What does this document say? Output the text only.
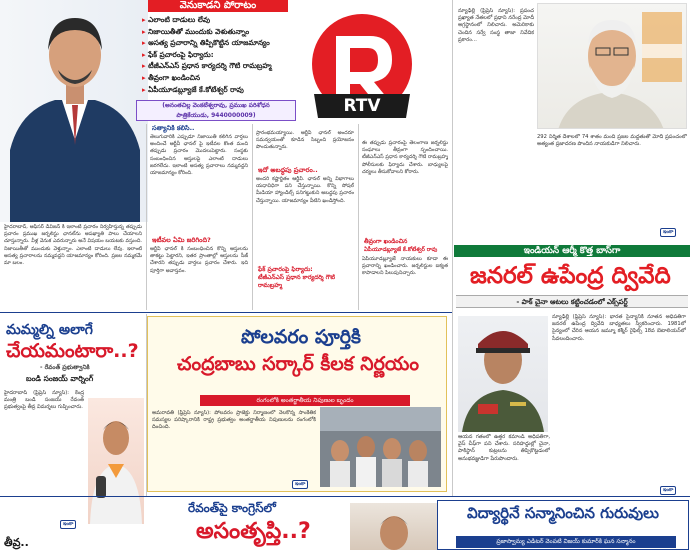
వెనుకాడని పోరాటం
▸ ఎలాంటి దాడులు లేవు
▸ నిజాయితీతో ముందుకు వెళుతున్నాం
▸ అసత్య ప్రచారాన్ని తిప్పికొట్టిన యాజమాన్యం
▸ ఫేక్ ప్రచారంపై ఫిర్యాదు:
▸ టీజీఎన్‌ఎస్ ప్రధాన కార్యదర్శి గౌటి రామబ్రహ్మ
▸ తీవ్రంగా ఖండించిన
▸ ఏపీయూడబ్ల్యూజే కే.కోటేశ్వర్ రావు
(అనంతచిల్ల వెంకటేశ్వరావు, ప్రముఖ పరిశోధన
పాత్రికేయుడు, 9440000009)	RTV
హైదరాబాద్, ఆఫీసర్ డివిజన్ కి ఇలాంటి ప్రచారం నిర్వహిస్తున్న తప్పుడు ప్రచారం ప్రముఖ జర్నలిస్టు ఛానల్‌ను అపఖ్యాతి పాలు చేయాలని చూస్తున్నారు. వీళ్ల వెనుక ఎవరున్నారు అనే విషయం బయటకు వస్తుంది. నిజాయితీతో ముందుకు వెళ్తున్నాం. ఎలాంటి దాడులు లేవు. ఇలాంటి అసత్య ప్రచారాలను నమ్మవద్దని యాజమాన్యం కోరింది. ప్రజల నమ్మకమే మా బలం.
సత్యానికి కలిసి..
తెలుగువారికి ఎప్పుడూ నిజాయితీ కలిగిన వార్తలు అందించే ఆర్టీవీ ఛానల్ పై ఇటీవల కొంత మంది తప్పుడు ప్రచారం మొదలుపెట్టారు. సంస్థకు సంబంధించిన ఆస్తులపై ఎలాంటి దాడులు జరగలేదు. ఇలాంటి అసత్య ప్రచారాలు నమ్మవద్దని యాజమాన్యం కోరింది.
ఇటీవల ఏమి జరిగింది?
ఆర్టీవీ ఛానల్ కి సంబంధించిన కొన్ని ఆస్తులను తాకట్టు పెట్టారని, ఇతర ప్రాంతాల్లో ఆస్తులను సీజ్ చేశారని తప్పుడు వార్తలు ప్రచారం చేశారు. ఇది పూర్తిగా అవాస్తవం.
ప్రారంభమయ్యాయి. ఆర్టీవీ ఛానల్ అందరూ సమన్వయంతో కూడిన సిబ్బంది ప్రయోజనం పొందుతున్నారు.
ఇదో అబద్ధపు ప్రచారం..
అందరి కష్టార్జితం ఆర్టీవీ. ఛానల్ అన్ని విభాగాలు యధావిధిగా పని చేస్తున్నాయి. కొన్ని సోషల్ మీడియా హ్యాండిల్స్ పనిగట్టుకుని అబద్ధపు ప్రచారం చేస్తున్నాయి. యాజమాన్యం వీటిని ఖండిస్తోంది.
ఫేక్ ప్రచారంపై ఫిర్యాదు:
టీజీఎన్‌ఎస్ ప్రధాన కార్యదర్శి గౌటి రామబ్రహ్మ
ఈ తప్పుడు ప్రచారంపై తెలంగాణ జర్నలిస్టు సంఘాలు తీవ్రంగా స్పందించాయి. టీజీఎన్‌ఎస్ ప్రధాన కార్యదర్శి గౌటి రామబ్రహ్మ పోలీసులకు ఫిర్యాదు చేశారు. బాధ్యులపై చర్యలు తీసుకోవాలని కోరారు.
తీవ్రంగా ఖండించిన
ఏపీయూడబ్ల్యూజే కే.కోటేశ్వర్ రావు
ఏపీయూడబ్ల్యూజే నాయకులు కూడా ఈ ప్రచారాన్ని ఖండించారు. జర్నలిస్టుల ఐక్యత కాపాడాలని పిలుపునిచ్చారు.
న్యూఢిల్లీ (ఫ్రీప్రెస్ న్యూస్): ప్రపంచ ప్రఖ్యాత నేతలలో ప్రధాని నరేంద్ర మోదీ అగ్రస్థానంలో నిలిచారు. అమెరికాకు చెందిన సర్వే సంస్థ తాజా నివేదిక ప్రకారం...
292 నిర్మిత దేశాలలో 74 శాతం మంది ప్రజల మద్దతుతో మోదీ ప్రపంచంలో అత్యంత ప్రజాదరణ పొందిన నాయకుడిగా నిలిచారు.
ఇంకా
ఇండియన్ ఆర్మీ కొత్త బాస్‌గా
జనరల్ ఉపేంద్ర ద్వివేది
- పాక్ చైనా ఆటలు కట్టించడంలో ఎక్స్‌పర్ట్
న్యూఢిల్లీ (ఫ్రీప్రెస్ న్యూస్): భారత సైన్యానికి నూతన అధిపతిగా జనరల్ ఉపేంద్ర ద్వివేది బాధ్యతలు స్వీకరించారు. 1981లో సైన్యంలో చేరిన ఆయన జమ్మూ కశ్మీర్ రైఫిల్స్ 18వ బెటాలియన్‌లో సేవలందించారు.
ఆయన గతంలో ఉత్తర కమాండ్ అధిపతిగా, వైస్ చీఫ్‌గా పని చేశారు. సరిహద్దుల్లో చైనా, పాకిస్థాన్ కుట్రలను తిప్పికొట్టడంలో అనుభవజ్ఞుడిగా పేరుపొందారు.
ఇంకా
మమ్మల్ని అలాగే
చేయమంటారా..?
- రేవంత్ ప్రభుత్వానికి
బండి సంజయ్ వార్నింగ్
హైదరాబాద్ (ఫ్రీప్రెస్ న్యూస్): కేంద్ర మంత్రి బండి సంజయ్ రేవంత్ ప్రభుత్వంపై తీవ్ర విమర్శలు గుప్పించారు.
ఇంకా
పోలవరం పూర్తికి
చంద్రబాబు సర్కార్ కీలక నిర్ణయం
రంగంలోకి అంతర్జాతీయ నిపుణుల బృందం
అమరావతి (ఫ్రీప్రెస్ న్యూస్): పోలవరం ప్రాజెక్టు నిర్మాణంలో నెలకొన్న సాంకేతిక సమస్యల పరిష్కారానికి రాష్ట్ర ప్రభుత్వం అంతర్జాతీయ నిపుణులను రంగంలోకి దించింది.
ఇంకా
తీవ్ర..
రేవంత్‌పై కాంగ్రెస్‌లో
అసంతృప్తి..?
విద్యార్థినే సన్మానించిన గురువులు
ప్రజాస్వామ్య ఎడిటర్ వెంపటి విజయ్ కుమార్‌కి ఘన సన్మానం
